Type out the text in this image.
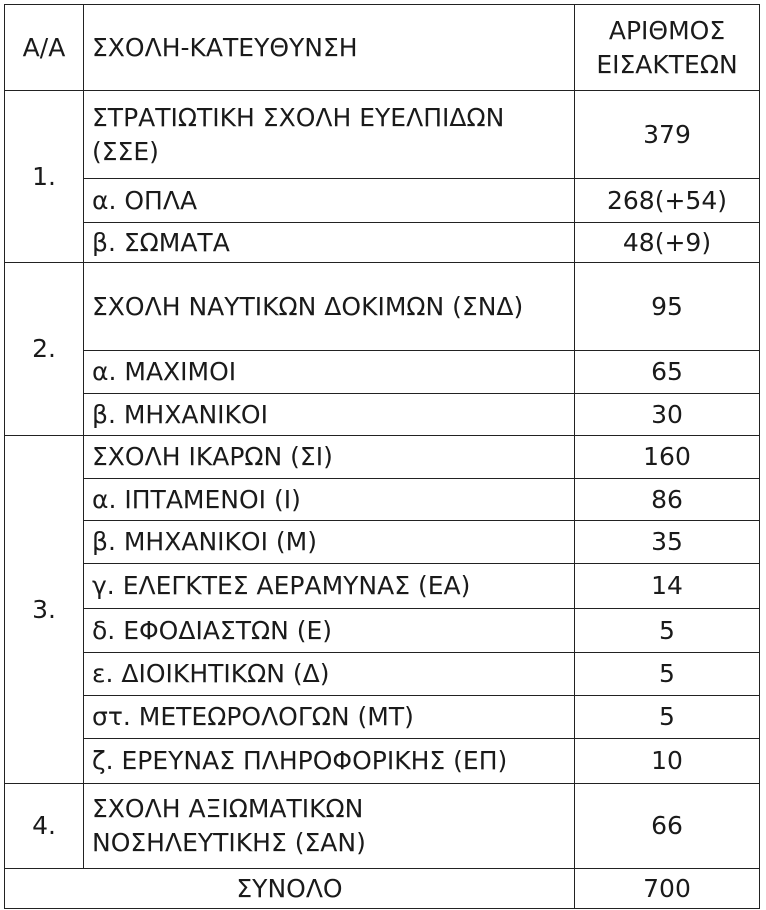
Α/Α	ΣΧΟΛΗ-ΚΑΤΕΥΘΥΝΣΗ	ΑΡΙΘΜΟΣ
ΕΙΣΑΚΤΕΩΝ

1.	ΣΤΡΑΤΙΩΤΙΚΗ ΣΧΟΛΗ ΕΥΕΛΠΙΔΩΝ (ΣΣΕ)	379
	α. ΟΠΛΑ	268(+54)
	β. ΣΩΜΑΤΑ	48(+9)
2.	ΣΧΟΛΗ ΝΑΥΤΙΚΩΝ ΔΟΚΙΜΩΝ (ΣΝΔ)	95
	α. ΜΑΧΙΜΟΙ	65
	β. ΜΗΧΑΝΙΚΟΙ	30
3.	ΣΧΟΛΗ ΙΚΑΡΩΝ (ΣΙ)	160
	α. ΙΠΤΑΜΕΝΟΙ (Ι)	86
	β. ΜΗΧΑΝΙΚΟΙ (Μ)	35
	γ. ΕΛΕΓΚΤΕΣ ΑΕΡΑΜΥΝΑΣ (ΕΑ)	14
	δ. ΕΦΟΔΙΑΣΤΩΝ (Ε)	5
	ε. ΔΙΟΙΚΗΤΙΚΩΝ (Δ)	5
	στ. ΜΕΤΕΩΡΟΛΟΓΩΝ (ΜΤ)	5
	ζ. ΕΡΕΥΝΑΣ ΠΛΗΡΟΦΟΡΙΚΗΣ (ΕΠ)	10
4.	ΣΧΟΛΗ ΑΞΙΩΜΑΤΙΚΩΝ ΝΟΣΗΛΕΥΤΙΚΗΣ (ΣΑΝ)	66
ΣΥΝΟΛΟ		700
